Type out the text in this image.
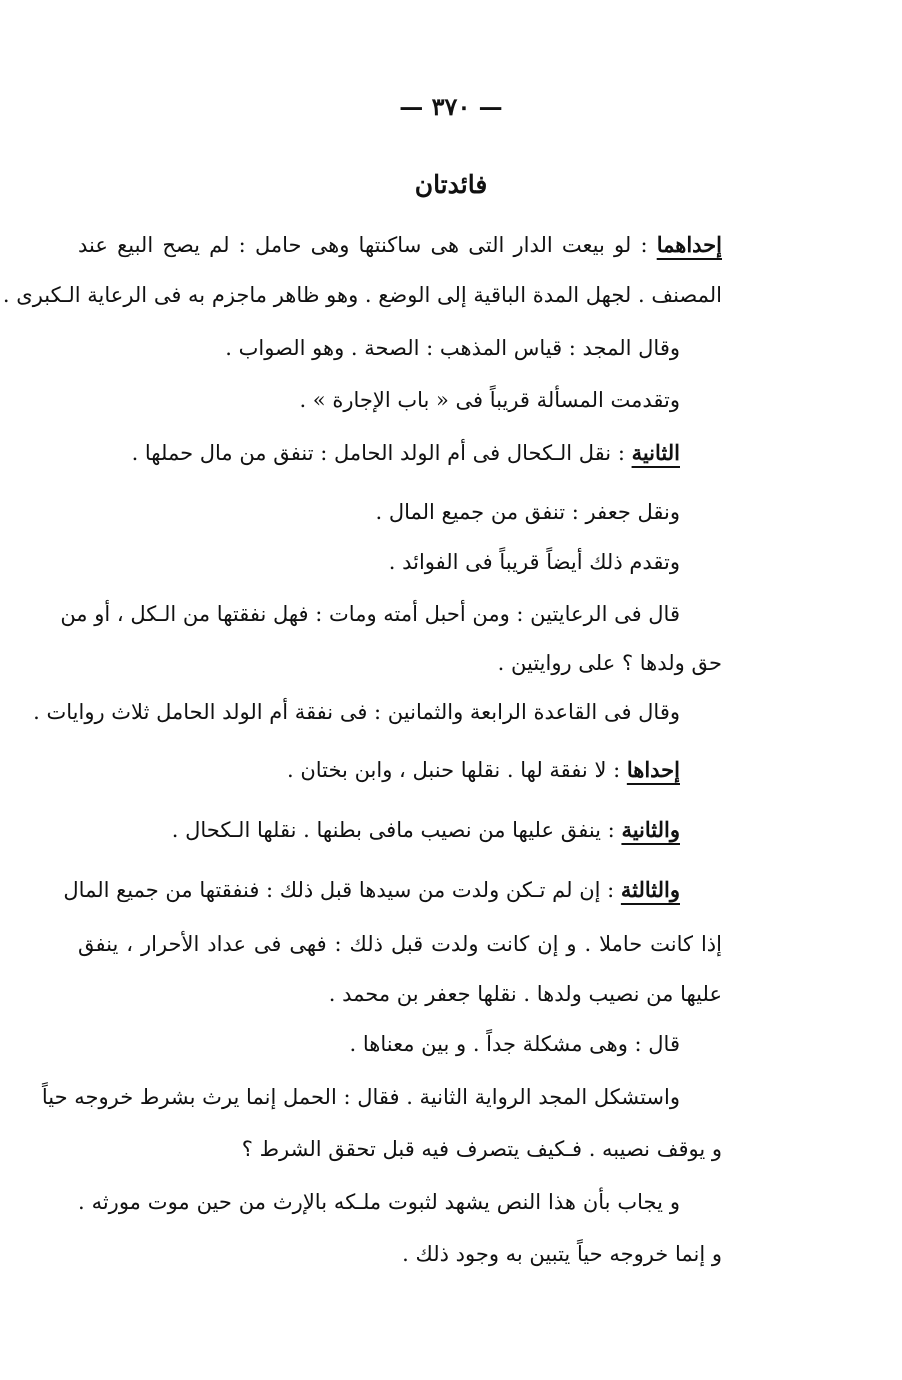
— ٣٧٠ —
فائدتان
إحداهما : لو بيعت الدار التى هى ساكنتها وهى حامل : لم يصح البيع عند
المصنف . لجهل المدة الباقية إلى الوضع . وهو ظاهر ماجزم به فى الرعاية الـكبرى .
وقال المجد : قياس المذهب : الصحة . وهو الصواب .
وتقدمت المسألة قريباً فى « باب الإجارة » .
الثانية : نقل الـكحال فى أم الولد الحامل : تنفق من مال حملها .
ونقل جعفر : تنفق من جميع المال .
وتقدم ذلك أيضاً قريباً فى الفوائد .
قال فى الرعايتين : ومن أحبل أمته ومات : فهل نفقتها من الـكل ، أو من
حق ولدها ؟ على روايتين .
وقال فى القاعدة الرابعة والثمانين : فى نفقة أم الولد الحامل ثلاث روايات .
إحداها : لا نفقة لها . نقلها حنبل ، وابن بختان .
والثانية : ينفق عليها من نصيب مافى بطنها . نقلها الـكحال .
والثالثة : إن لم تـكن ولدت من سيدها قبل ذلك : فنفقتها من جميع المال
إذا كانت حاملا . و إن كانت ولدت قبل ذلك : فهى فى عداد الأحرار ، ينفق
عليها من نصيب ولدها . نقلها جعفر بن محمد .
قال : وهى مشكلة جداً . و بين معناها .
واستشكل المجد الرواية الثانية . فقال : الحمل إنما يرث بشرط خروجه حياً
و يوقف نصيبه . فـكيف يتصرف فيه قبل تحقق الشرط ؟
و يجاب بأن هذا النص يشهد لثبوت ملـكه بالإرث من حين موت مورثه .
و إنما خروجه حياً يتبين به وجود ذلك .
